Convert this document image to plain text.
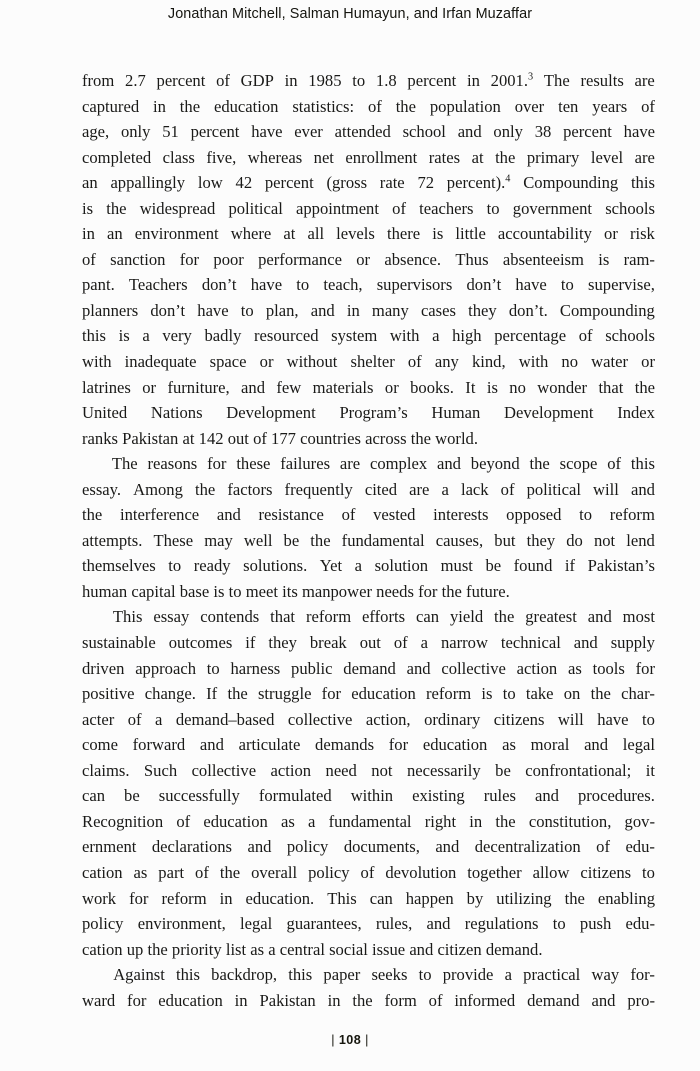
Jonathan Mitchell, Salman Humayun, and Irfan Muzaffar
from 2.7 percent of GDP in 1985 to 1.8 percent in 2001.$^3$ The results are
captured in the education statistics: of the population over ten years of
age, only 51 percent have ever attended school and only 38 percent have
completed class five, whereas net enrollment rates at the primary level are
an appallingly low 42 percent (gross rate 72 percent).$^4$ Compounding this
is the widespread political appointment of teachers to government schools
in an environment where at all levels there is little accountability or risk
of sanction for poor performance or absence. Thus absenteeism is ram-
pant. Teachers don’t have to teach, supervisors don’t have to supervise,
planners don’t have to plan, and in many cases they don’t. Compounding
this is a very badly resourced system with a high percentage of schools
with inadequate space or without shelter of any kind, with no water or
latrines or furniture, and few materials or books. It is no wonder that the
United Nations Development Program’s Human Development Index
ranks Pakistan at 142 out of 177 countries across the world.
The reasons for these failures are complex and beyond the scope of this
essay. Among the factors frequently cited are a lack of political will and
the interference and resistance of vested interests opposed to reform
attempts. These may well be the fundamental causes, but they do not lend
themselves to ready solutions. Yet a solution must be found if Pakistan’s
human capital base is to meet its manpower needs for the future.
This essay contends that reform efforts can yield the greatest and most
sustainable outcomes if they break out of a narrow technical and supply
driven approach to harness public demand and collective action as tools for
positive change. If the struggle for education reform is to take on the char-
acter of a demand–based collective action, ordinary citizens will have to
come forward and articulate demands for education as moral and legal
claims. Such collective action need not necessarily be confrontational; it
can be successfully formulated within existing rules and procedures.
Recognition of education as a fundamental right in the constitution, gov-
ernment declarations and policy documents, and decentralization of edu-
cation as part of the overall policy of devolution together allow citizens to
work for reform in education. This can happen by utilizing the enabling
policy environment, legal guarantees, rules, and regulations to push edu-
cation up the priority list as a central social issue and citizen demand.
Against this backdrop, this paper seeks to provide a practical way for-
ward for education in Pakistan in the form of informed demand and pro-
| 108 |
